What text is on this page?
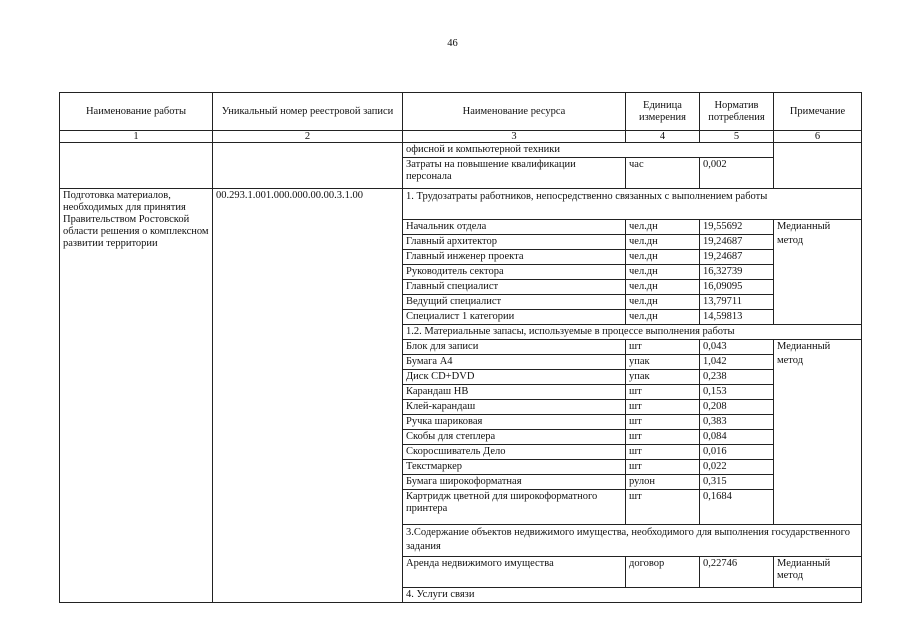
46
Наименование работы	Уникальный номер реестровой записи	Наименование ресурса	Единица измерения	Норматив потребления	Примечание
1	2	3	4	5	6
		офисной и компьютерной техники			
		Затраты на повышение квалификации персонала	час	0,002	
Подготовка материалов, необходимых для принятия Правительством Ростовской области решения о комплексном развитии территории	00.293.1.001.000.000.00.00.3.1.00	1. Трудозатраты работников, непосредственно связанных с выполнением работы			
		Начальник отдела	чел.дн	19,55692	Медианный метод
		Главный архитектор	чел.дн	19,24687	
		Главный инженер проекта	чел.дн	19,24687	
		Руководитель сектора	чел.дн	16,32739	
		Главный специалист	чел.дн	16,09095	
		Ведущий специалист	чел.дн	13,79711	
		Специалист 1 категории	чел.дн	14,59813	
		1.2. Материальные запасы, используемые в процессе выполнения работы			
		Блок для записи	шт	0,043	Медианный метод
		Бумага А4	упак	1,042	
		Диск CD+DVD	упак	0,238	
		Карандаш НВ	шт	0,153	
		Клей-карандаш	шт	0,208	
		Ручка шариковая	шт	0,383	
		Скобы для степлера	шт	0,084	
		Скоросшиватель Дело	шт	0,016	
		Текстмаркер	шт	0,022	
		Бумага широкоформатная	рулон	0,315	
		Картридж цветной для широкоформатного принтера	шт	0,1684	
		3.Содержание объектов недвижимого имущества, необходимого для выполнения государственного задания			
		Аренда недвижимого имущества	договор	0,22746	Медианный метод
		4. Услуги связи			
